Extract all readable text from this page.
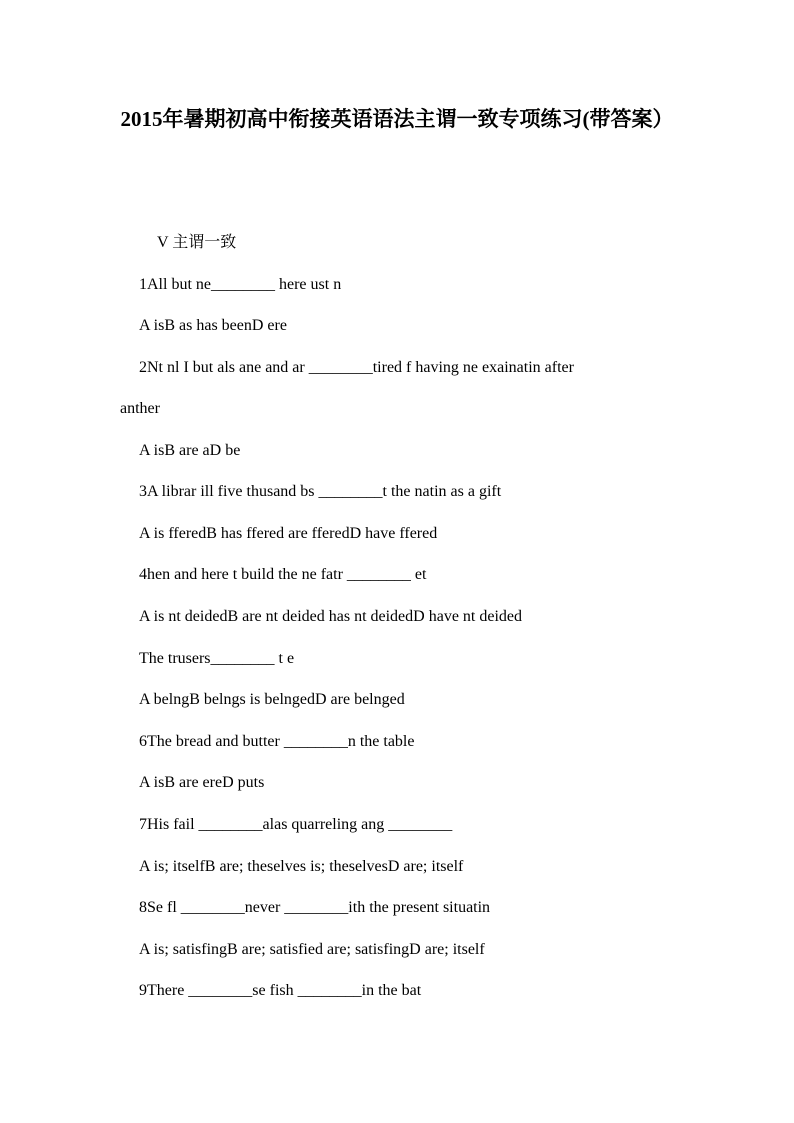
2015年暑期初高中衔接英语语法主谓一致专项练习(带答案）
V 主谓一致
1All but ne________ here ust n
A isB as has beenD ere
2Nt nl I but als ane and ar ________tired f having ne exainatin after
anther
A isB are aD be
3A librar ill five thusand bs ________t the natin as a gift
A is fferedB has ffered are fferedD have ffered
4hen and here t build the ne fatr ________ et
A is nt deidedB are nt deided has nt deidedD have nt deided
The trusers________ t e
A belngB belngs is belngedD are belnged
6The bread and butter ________n the table
A isB are ereD puts
7His fail ________alas quarreling ang ________
A is; itselfB are; theselves is; theselvesD are; itself
8Se fl ________never ________ith the present situatin
A is; satisfingB are; satisfied are; satisfingD are; itself
9There ________se fish ________in the bat
